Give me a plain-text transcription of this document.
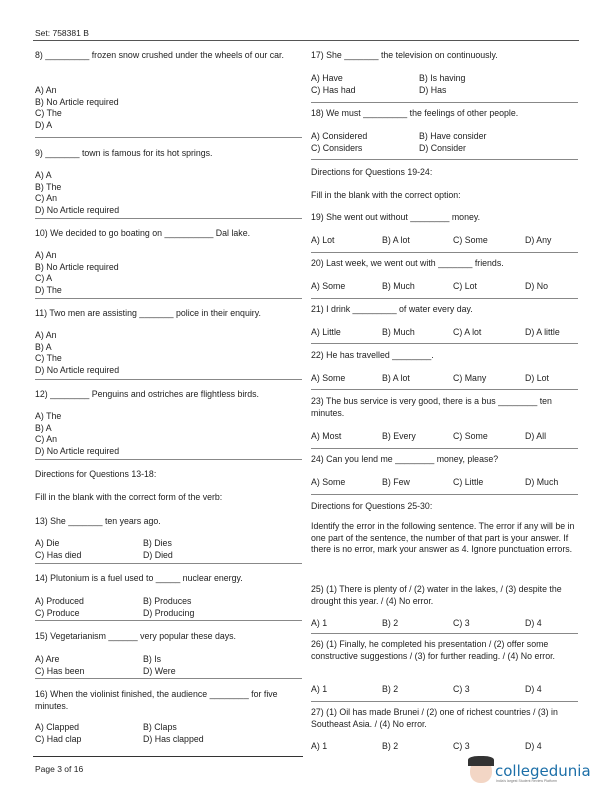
Set: 758381 B
Page 3 of 16	collegedunia
India's largest Student Review Platform
8) _________ frozen snow crushed under the wheels of our car.
A) An
B) No Article required
C) The
D) A
9) _______ town is famous for its hot springs.
A) A
B) The
C) An
D) No Article required
10) We decided to go boating on __________ Dal lake.
A) An
B) No Article required
C) A
D) The
11) Two men are assisting _______ police in their enquiry.
A) An
B) A
C) The
D) No Article required
12) ________ Penguins and ostriches are flightless birds.
A) The
B) A
C) An
D) No Article required
Directions for Questions 13-18:
Fill in the blank with the correct form of the verb:
13) She _______ ten years ago.
A) Die	B) Dies
C) Has died	D) Died
14) Plutonium is a fuel used to _____ nuclear energy.
A) Produced	B) Produces
C) Produce	D) Producing
15) Vegetarianism ______ very popular these days.
A) Are	B) Is
C) Has been	D) Were
16) When the violinist finished, the audience ________ for five minutes.
A) Clapped	B) Claps
C) Had clap	D) Has clapped
17) She _______ the television on continuously.
A) Have	B) Is having
C) Has had	D) Has
18) We must _________ the feelings of other people.
A) Considered	B) Have consider
C) Considers	D) Consider
Directions for Questions 19-24:
Fill in the blank with the correct option:
19) She went out without ________ money.
A) Lot	B) A lot	C) Some	D) Any
20) Last week, we went out with _______ friends.
A) Some	B) Much	C) Lot	D) No
21) I drink _________ of water every day.
A) Little	B) Much	C) A lot	D) A little
22) He has travelled ________.
A) Some	B) A lot	C) Many	D) Lot
23) The bus service is very good, there is a bus ________ ten minutes.
A) Most	B) Every	C) Some	D) All
24) Can you lend me ________ money, please?
A) Some	B) Few	C) Little	D) Much
Directions for Questions 25-30:
Identify the error in the following sentence. The error if any will be in one part of the sentence, the number of that part is your answer. If there is no error, mark your answer as 4. Ignore punctuation errors.
25) (1) There is plenty of / (2) water in the lakes, / (3) despite the drought this year. / (4) No error.
A) 1	B) 2	C) 3	D) 4
26) (1) Finally, he completed his presentation / (2) offer some constructive suggestions / (3) for further reading. / (4) No error.
A) 1	B) 2	C) 3	D) 4
27) (1) Oil has made Brunei / (2) one of richest countries / (3) in Southeast Asia. / (4) No error.
A) 1	B) 2	C) 3	D) 4
